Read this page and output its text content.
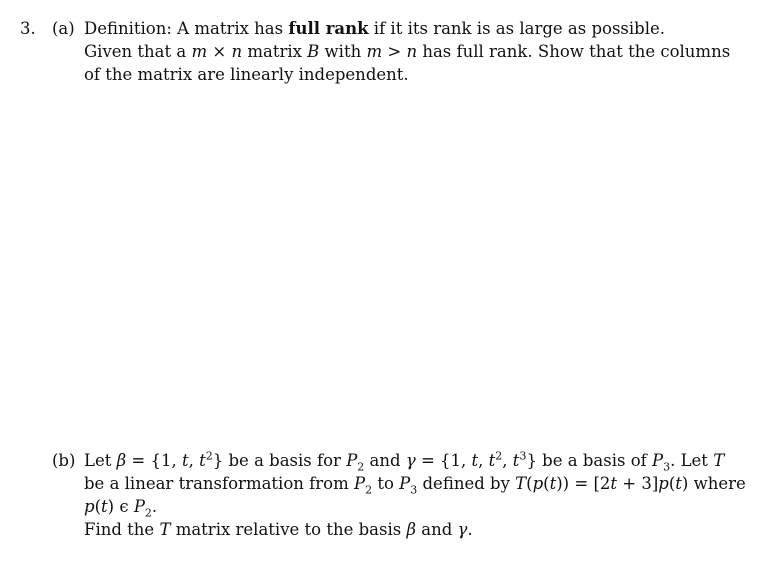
3. (a) Definition: A matrix has full rank if it its rank is as large as possible.
Given that a m × n matrix B with m > n has full rank. Show that the columns
of the matrix are linearly independent.
(b) Let β = {1, t, $t^2$} be a basis for $P_2$ and γ = {1, t, $t^2$, $t^3$} be a basis of $P_3$. Let T
be a linear transformation from $P_2$ to $P_3$ defined by T(p(t)) = [2t + 3]p(t) where
p(t) ϵ $P_2$.
Find the T matrix relative to the basis β and γ.
